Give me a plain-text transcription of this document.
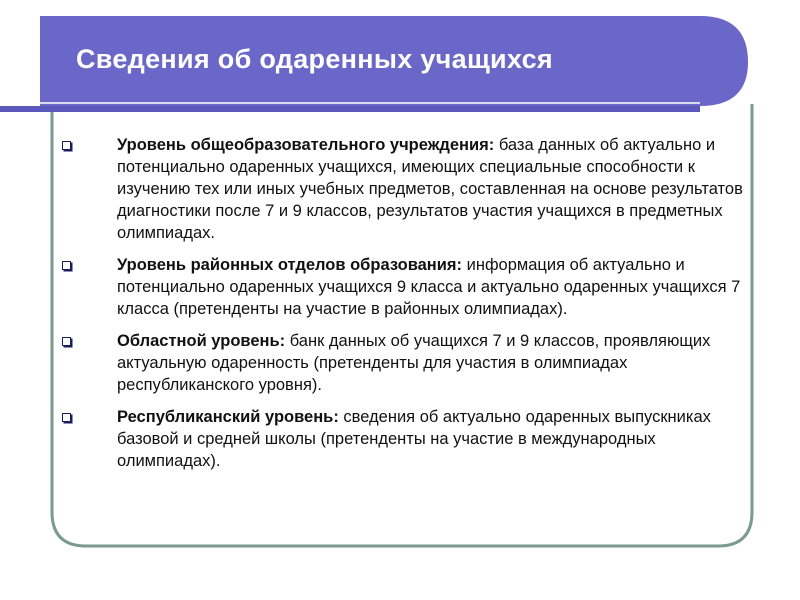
Сведения об одаренных учащихся
Уровень общеобразовательного учреждения: база данных об актуально и потенциально одаренных учащихся, имеющих специальные способности к изучению тех или иных учебных предметов, составленная на основе результатов диагностики после 7 и 9 классов, результатов участия учащихся в предметных олимпиадах.
Уровень районных отделов образования: информация об актуально и потенциально одаренных учащихся 9 класса и актуально одаренных учащихся 7 класса (претенденты на участие в районных олимпиадах).
Областной уровень: банк данных об учащихся 7 и 9 классов, проявляющих актуальную одаренность (претенденты для участия в олимпиадах республиканского уровня).
Республиканский уровень: сведения об актуально одаренных выпускниках базовой и средней школы (претенденты на участие в международных олимпиадах).
